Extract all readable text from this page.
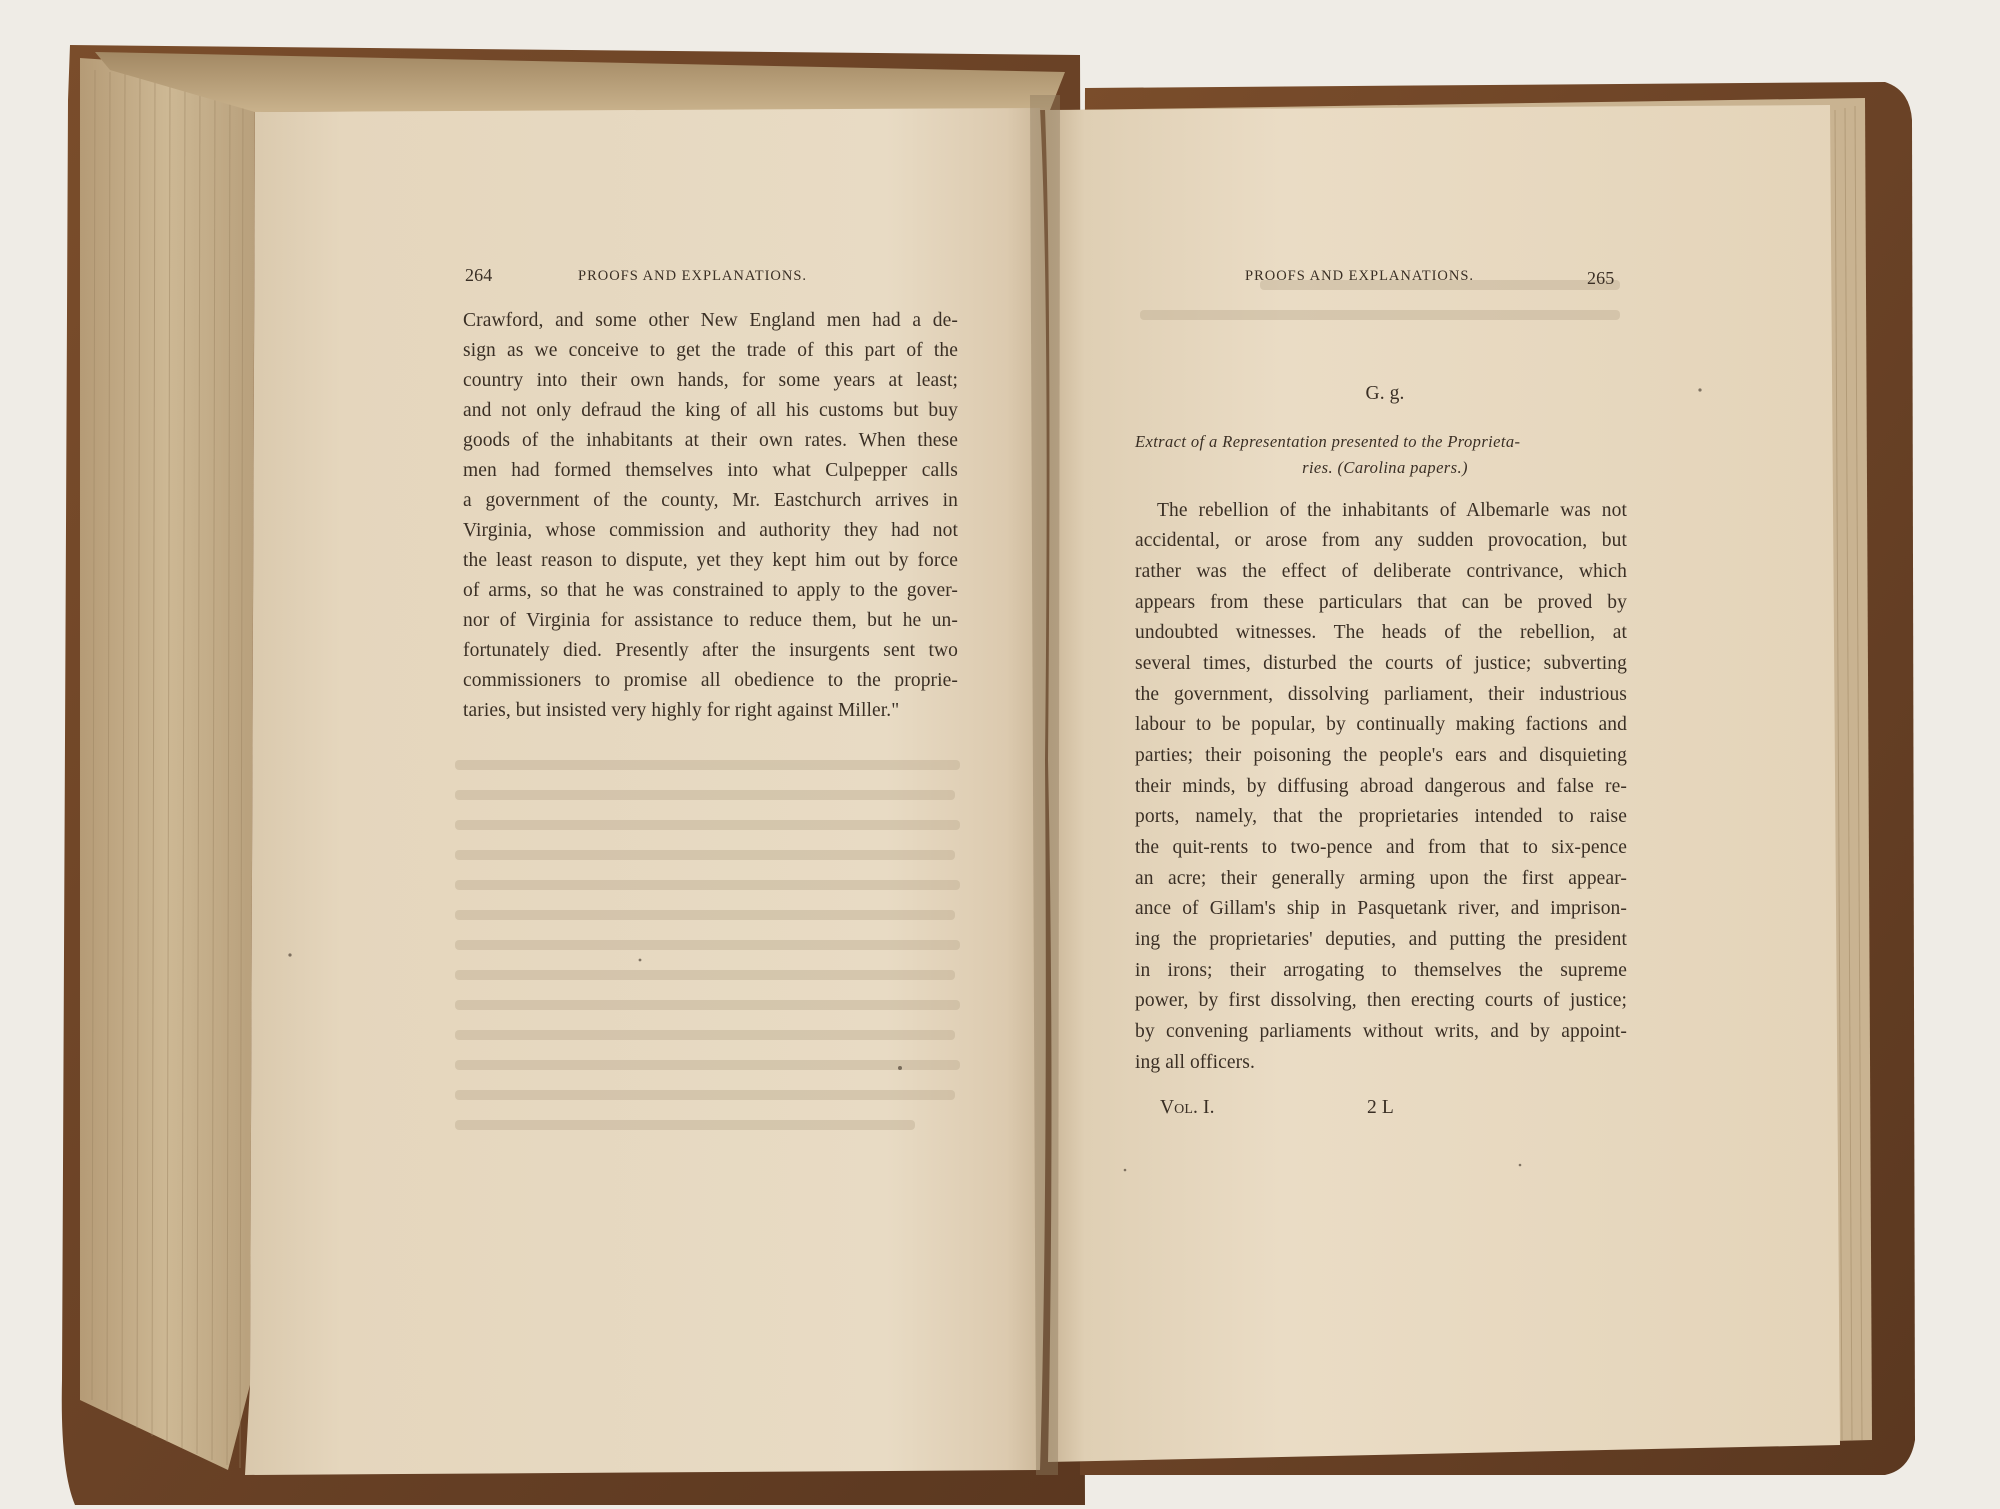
264	PROOFS AND EXPLANATIONS.
Crawford, and some other New England men had a de-
sign as we conceive to get the trade of this part of the
country into their own hands, for some years at least;
and not only defraud the king of all his customs but buy
goods of the inhabitants at their own rates. When these
men had formed themselves into what Culpepper calls
a government of the county, Mr. Eastchurch arrives in
Virginia, whose commission and authority they had not
the least reason to dispute, yet they kept him out by force
of arms, so that he was constrained to apply to the gover-
nor of Virginia for assistance to reduce them, but he un-
fortunately died. Presently after the insurgents sent two
commissioners to promise all obedience to the proprie-
taries, but insisted very highly for right against Miller."
PROOFS AND EXPLANATIONS.	265
G. g.
Extract of a Representation presented to the Proprieta-
ries. (Carolina papers.)
The rebellion of the inhabitants of Albemarle was not
accidental, or arose from any sudden provocation, but
rather was the effect of deliberate contrivance, which
appears from these particulars that can be proved by
undoubted witnesses. The heads of the rebellion, at
several times, disturbed the courts of justice; subverting
the government, dissolving parliament, their industrious
labour to be popular, by continually making factions and
parties; their poisoning the people's ears and disquieting
their minds, by diffusing abroad dangerous and false re-
ports, namely, that the proprietaries intended to raise
the quit-rents to two-pence and from that to six-pence
an acre; their generally arming upon the first appear-
ance of Gillam's ship in Pasquetank river, and imprison-
ing the proprietaries' deputies, and putting the president
in irons; their arrogating to themselves the supreme
power, by first dissolving, then erecting courts of justice;
by convening parliaments without writs, and by appoint-
ing all officers.
Vol. I.	2 L
